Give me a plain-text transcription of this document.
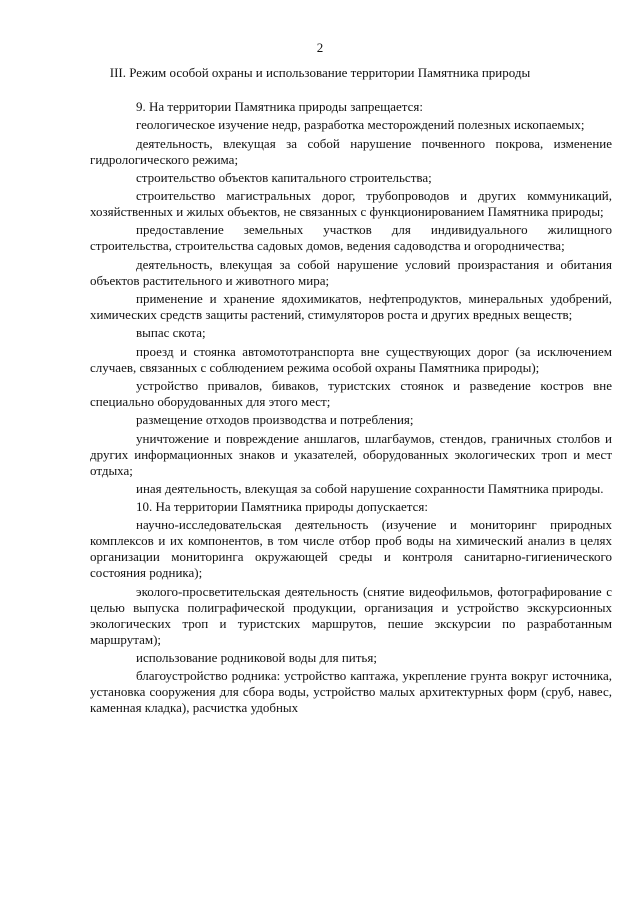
2
III. Режим особой охраны и использование территории Памятника природы

9. На территории Памятника природы запрещается:

геологическое изучение недр, разработка месторождений полезных ископаемых;

деятельность, влекущая за собой нарушение почвенного покрова, изменение гидрологического режима;

строительство объектов капитального строительства;

строительство магистральных дорог, трубопроводов и других коммуникаций, хозяйственных и жилых объектов, не связанных с функционированием Памятника природы;

предоставление земельных участков для индивидуального жилищного строительства, строительства садовых домов, ведения садоводства и огородничества;

деятельность, влекущая за собой нарушение условий произрастания и обитания объектов растительного и животного мира;

применение и хранение ядохимикатов, нефтепродуктов, минеральных удобрений, химических средств защиты растений, стимуляторов роста и других вредных веществ;

выпас скота;

проезд и стоянка автомототранспорта вне существующих дорог (за исключением случаев, связанных с соблюдением режима особой охраны Памятника природы);

устройство привалов, биваков, туристских стоянок и разведение костров вне специально оборудованных для этого мест;

размещение отходов производства и потребления;

уничтожение и повреждение аншлагов, шлагбаумов, стендов, граничных столбов и других информационных знаков и указателей, оборудованных экологических троп и мест отдыха;

иная деятельность, влекущая за собой нарушение сохранности Памятника природы.

10. На территории Памятника природы допускается:

научно-исследовательская деятельность (изучение и мониторинг природных комплексов и их компонентов, в том числе отбор проб воды на химический анализ в целях организации мониторинга окружающей среды и контроля санитарно-гигиенического состояния родника);

эколого-просветительская деятельность (снятие видеофильмов, фотографирование с целью выпуска полиграфической продукции, организация и устройство экскурсионных экологических троп и туристских маршрутов, пешие экскурсии по разработанным маршрутам);

использование родниковой воды для питья;

благоустройство родника: устройство каптажа, укрепление грунта вокруг источника, установка сооружения для сбора воды, устройство малых архитектурных форм (сруб, навес, каменная кладка), расчистка удобных
